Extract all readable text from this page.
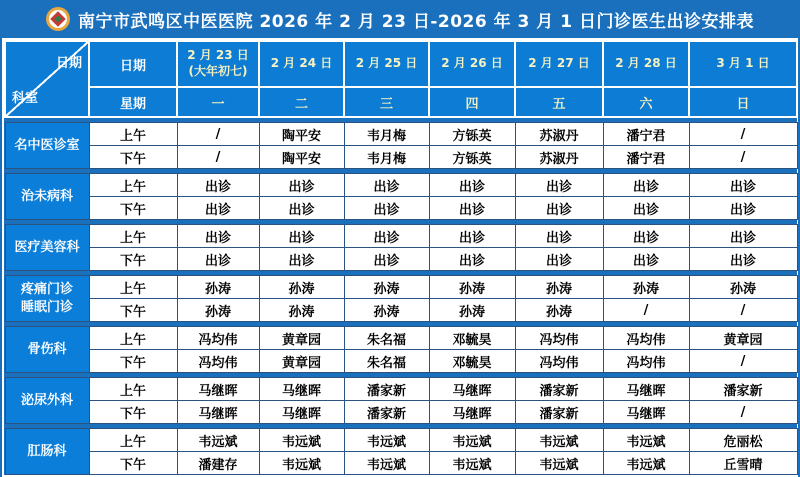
南宁市武鸣区中医医院 2026 年 2 月 23 日-2026 年 3 月 1 日门诊医生出诊安排表
日期
科室	日期	2 月 23 日
(大年初七)	2 月 24 日	2 月 25 日	2 月 26 日	2 月 27 日	2 月 28 日	3 月 1 日
	星期	一	二	三	四	五	六	日

名中医诊室	上午	/	陶平安	韦月梅	方铄英	苏淑丹	潘宁君	/
	下午	/	陶平安	韦月梅	方铄英	苏淑丹	潘宁君	/

治未病科	上午	出诊	出诊	出诊	出诊	出诊	出诊	出诊
	下午	出诊	出诊	出诊	出诊	出诊	出诊	出诊

医疗美容科	上午	出诊	出诊	出诊	出诊	出诊	出诊	出诊
	下午	出诊	出诊	出诊	出诊	出诊	出诊	出诊

疼痛门诊
睡眠门诊	上午	孙涛	孙涛	孙涛	孙涛	孙涛	孙涛	孙涛
	下午	孙涛	孙涛	孙涛	孙涛	孙涛	/	/

骨伤科	上午	冯均伟	黄章园	朱名福	邓毓昊	冯均伟	冯均伟	黄章园
	下午	冯均伟	黄章园	朱名福	邓毓昊	冯均伟	冯均伟	/

泌尿外科	上午	马继晖	马继晖	潘家新	马继晖	潘家新	马继晖	潘家新
	下午	马继晖	马继晖	潘家新	马继晖	潘家新	马继晖	/

肛肠科	上午	韦远斌	韦远斌	韦远斌	韦远斌	韦远斌	韦远斌	危丽松
	下午	潘建存	韦远斌	韦远斌	韦远斌	韦远斌	韦远斌	丘雪晴
